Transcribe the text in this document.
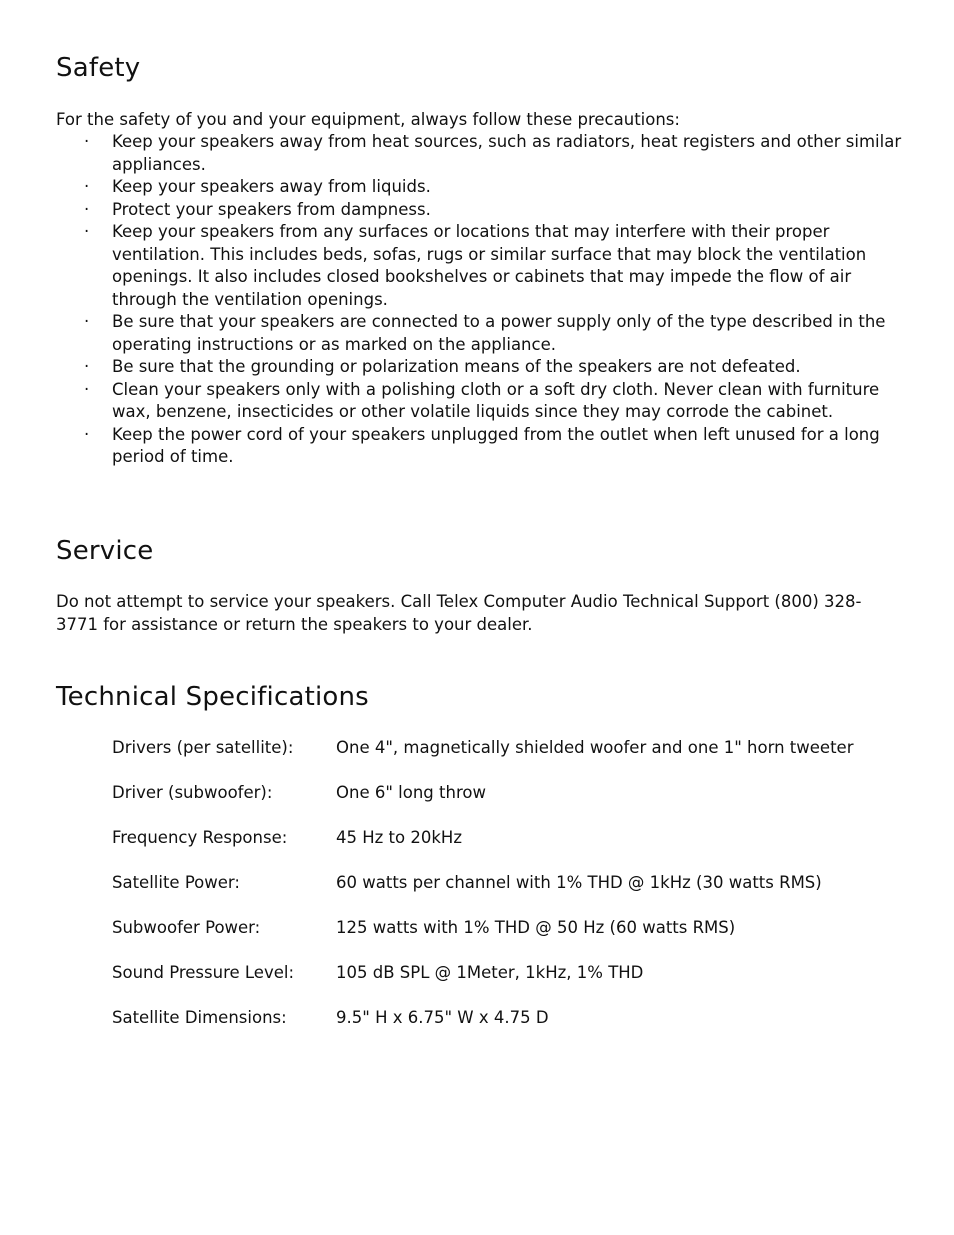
Safety

For the safety of you and your equipment, always follow these precautions:

· Keep your speakers away from heat sources, such as radiators, heat registers and other similar appliances.
· Keep your speakers away from liquids.
· Protect your speakers from dampness.
· Keep your speakers from any surfaces or locations that may interfere with their proper ventilation. This includes beds, sofas, rugs or similar surface that may block the ventilation openings. It also includes closed bookshelves or cabinets that may impede the flow of air through the ventilation openings.
· Be sure that your speakers are connected to a power supply only of the type described in the operating instructions or as marked on the appliance.
· Be sure that the grounding or polarization means of the speakers are not defeated.
· Clean your speakers only with a polishing cloth or a soft dry cloth. Never clean with furniture wax, benzene, insecticides or other volatile liquids since they may corrode the cabinet.
· Keep the power cord of your speakers unplugged from the outlet when left unused for a long period of time.
Service

Do not attempt to service your speakers. Call Telex Computer Audio Technical Support (800) 328-3771 for assistance or return the speakers to your dealer.

Technical Specifications
Drivers (per satellite):	One 4", magnetically shielded woofer and one 1" horn tweeter
Driver (subwoofer):	One 6" long throw
Frequency Response:	45 Hz to 20kHz
Satellite Power:	60 watts per channel with 1% THD @ 1kHz (30 watts RMS)
Subwoofer Power:	125 watts with 1% THD @ 50 Hz (60 watts RMS)
Sound Pressure Level:	105 dB SPL @ 1Meter, 1kHz, 1% THD
Satellite Dimensions:	9.5" H x 6.75" W x 4.75 D
